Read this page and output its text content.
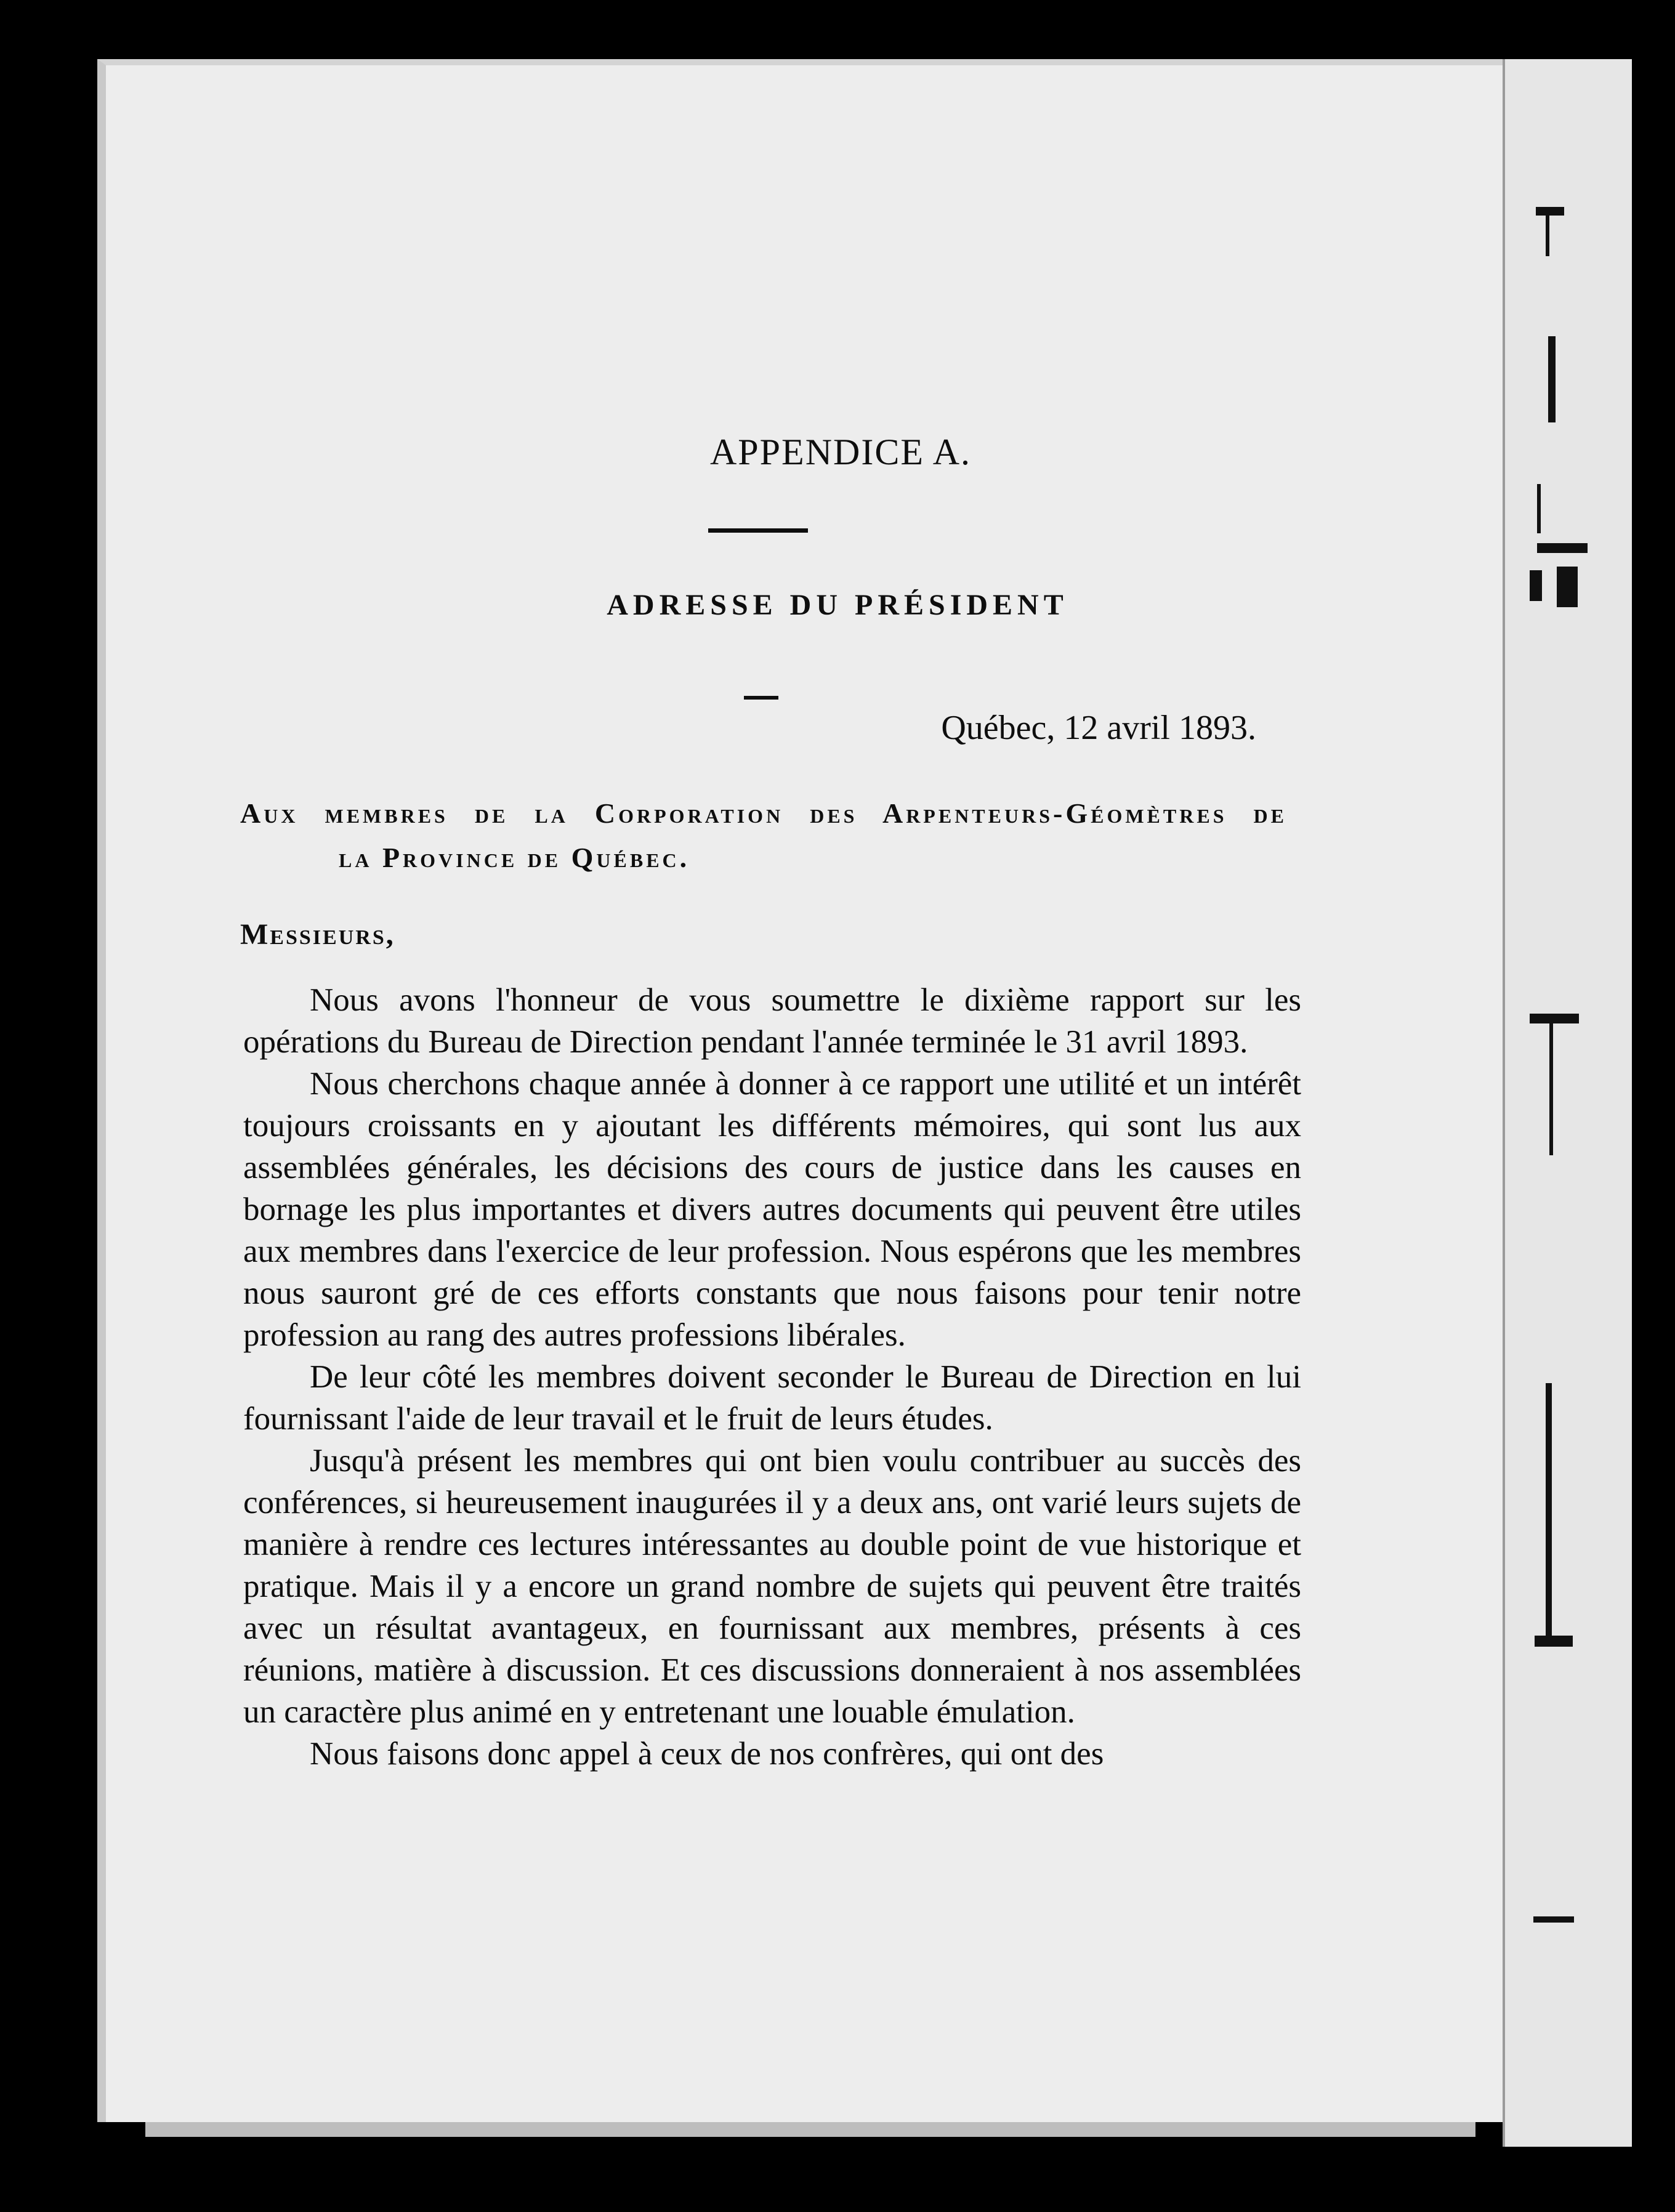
APPENDICE A.
ADRESSE DU PRÉSIDENT
Québec, 12 avril 1893.
Aux membres de la Corporation des Arpenteurs-Géomètres de
la Province de Québec.
Messieurs,

Nous avons l'honneur de vous soumettre le dixième rapport sur les opérations du Bureau de Direction pendant l'année terminée le 31 avril 1893.

Nous cherchons chaque année à donner à ce rapport une utilité et un intérêt toujours croissants en y ajoutant les différents mémoires, qui sont lus aux assemblées générales, les décisions des cours de justice dans les causes en bornage les plus importantes et divers autres documents qui peuvent être utiles aux membres dans l'exercice de leur profession. Nous espérons que les membres nous sauront gré de ces efforts constants que nous faisons pour tenir notre profession au rang des autres professions libérales.

De leur côté les membres doivent seconder le Bureau de Direction en lui fournissant l'aide de leur travail et le fruit de leurs études.

Jusqu'à présent les membres qui ont bien voulu contribuer au succès des conférences, si heureusement inaugurées il y a deux ans, ont varié leurs sujets de manière à rendre ces lectures intéressantes au double point de vue historique et pratique. Mais il y a encore un grand nombre de sujets qui peuvent être traités avec un résultat avantageux, en fournissant aux membres, présents à ces réunions, matière à discussion. Et ces discussions donneraient à nos assemblées un caractère plus animé en y entretenant une louable émulation.

Nous faisons donc appel à ceux de nos confrères, qui ont des
